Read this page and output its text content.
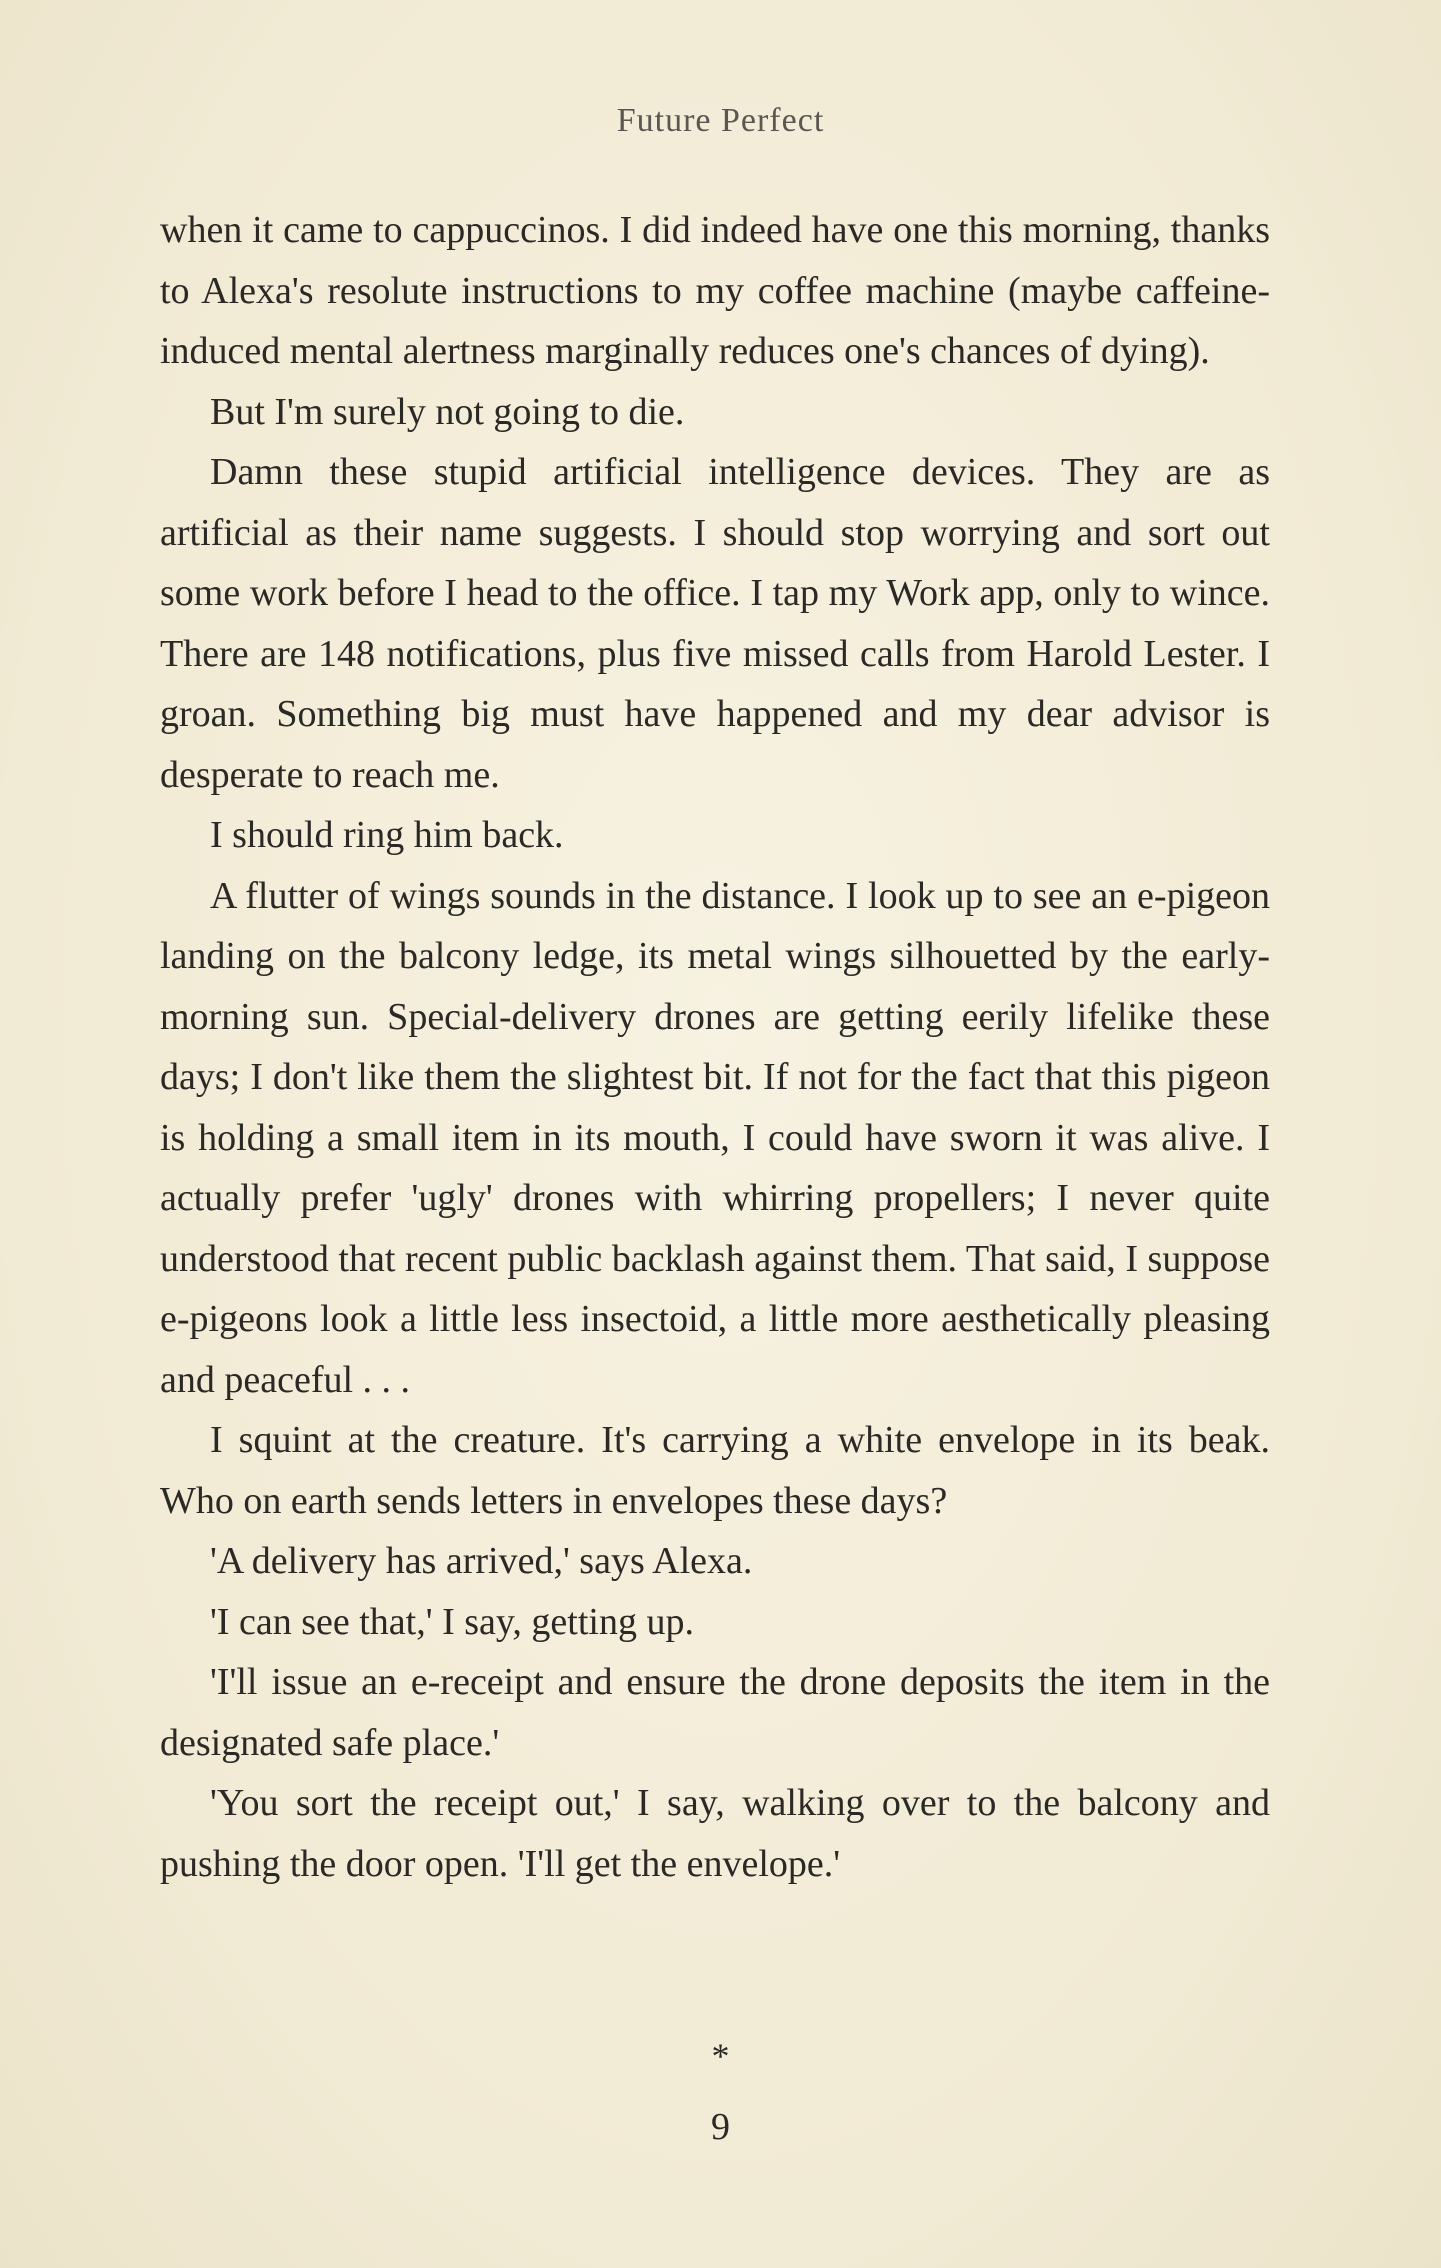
Future Perfect

when it came to cappuccinos. I did indeed have one this morning, thanks to Alexa's resolute instructions to my coffee machine (maybe caffeine-induced mental alertness marginally reduces one's chances of dying).

But I'm surely not going to die.

Damn these stupid artificial intelligence devices. They are as artificial as their name suggests. I should stop worrying and sort out some work before I head to the office. I tap my Work app, only to wince. There are 148 notifications, plus five missed calls from Harold Lester. I groan. Something big must have happened and my dear advisor is desperate to reach me.

I should ring him back.

A flutter of wings sounds in the distance. I look up to see an e-pigeon landing on the balcony ledge, its metal wings silhouetted by the early-morning sun. Special-delivery drones are getting eerily lifelike these days; I don't like them the slightest bit. If not for the fact that this pigeon is holding a small item in its mouth, I could have sworn it was alive. I actually prefer 'ugly' drones with whirring propellers; I never quite understood that recent public backlash against them. That said, I suppose e-pigeons look a little less insectoid, a little more aesthetically pleasing and peaceful . . .

I squint at the creature. It's carrying a white envelope in its beak. Who on earth sends letters in envelopes these days?

'A delivery has arrived,' says Alexa.

'I can see that,' I say, getting up.

'I'll issue an e-receipt and ensure the drone deposits the item in the designated safe place.'

'You sort the receipt out,' I say, walking over to the balcony and pushing the door open. 'I'll get the envelope.'

*
9
